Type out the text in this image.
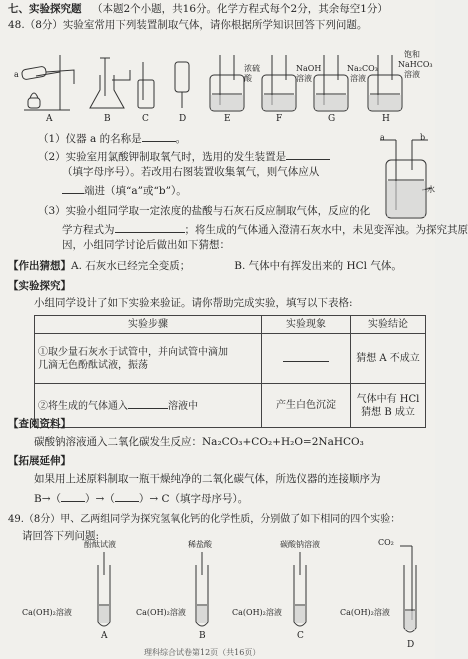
七、实验探究题 （本题2个小题，共16分。化学方程式每个2分，其余每空1分）
48.（8分）实验室常用下列装置制取气体，请你根据所学知识回答下列问题。
A	B	C	D	E	F	G	H
a
浓硫
酸
NaOH
溶液
Na₂CO₃
溶液
饱和
NaHCO₃
溶液
a	b
水
（1）仪器 a 的名称是	。
（2）实验室用氯酸钾制取氧气时，选用的发生装置是
（填字母序号）。若改用右图装置收集氧气，则气体应从
端进（填“a”或“b”）。
（3）实验小组同学取一定浓度的盐酸与石灰石反应制取气体，反应的化
学方程式为	；将生成的气体通入澄清石灰水中，未见变浑浊。为探究其原
因，小组同学讨论后做出如下猜想：
【作出猜想】A. 石灰水已经完全变质；	B. 气体中有挥发出来的 HCl 气体。
【实验探究】
小组同学设计了如下实验来验证。请你帮助完成实验，填写以下表格:
实验步骤	实验现象	实验结论

①取少量石灰水于试管中，并向试管中滴加
几滴无色酚酞试液，振荡		猜想 A 不成立
②将生成的气体通入 溶液中	产生白色沉淀	气体中有 HCl
猜想 B 成立
【查阅资料】
碳酸钠溶液通入二氧化碳发生反应：Na₂CO₃+CO₂+H₂O=2NaHCO₃
【拓展延伸】
如果用上述原料制取一瓶干燥纯净的二氧化碳气体，所选仪器的连接顺序为
B→（ ）→（ ）→ C（填字母序号）。
49.（8分）甲、乙两组同学为探究氢氧化钙的化学性质，分别做了如下相同的四个实验：
请回答下列问题:
酚酞试液	稀盐酸	碳酸钠溶液	CO₂
Ca(OH)₂溶液	Ca(OH)₂溶液	Ca(OH)₂溶液	Ca(OH)₂溶液
A	B	C
D
理科综合试卷第12页（共16页）
